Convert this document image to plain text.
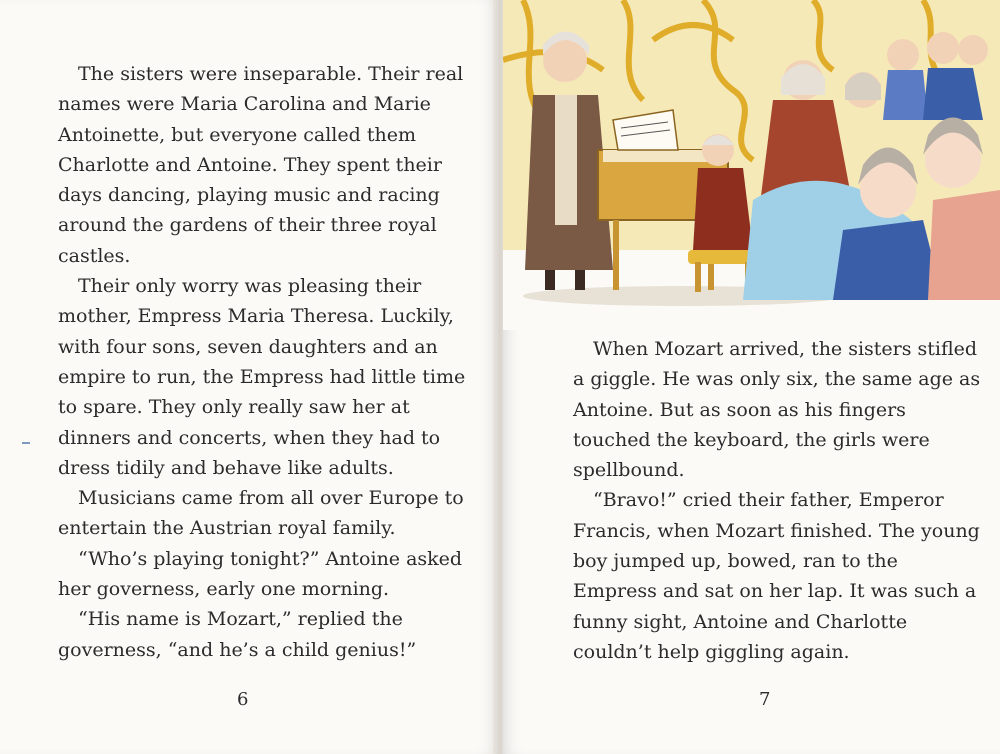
The sisters were inseparable. Their real names were Maria Carolina and Marie Antoinette, but everyone called them Charlotte and Antoine. They spent their days dancing, playing music and racing around the gardens of their three royal castles.

Their only worry was pleasing their mother, Empress Maria Theresa. Luckily, with four sons, seven daughters and an empire to run, the Empress had little time to spare. They only really saw her at dinners and concerts, when they had to dress tidily and behave like adults.

Musicians came from all over Europe to entertain the Austrian royal family.

“Who’s playing tonight?” Antoine asked her governess, early one morning.

“His name is Mozart,” replied the governess, “and he’s a child genius!”

6	7

When Mozart arrived, the sisters stifled a giggle. He was only six, the same age as Antoine. But as soon as his fingers touched the keyboard, the girls were spellbound.

“Bravo!” cried their father, Emperor Francis, when Mozart finished. The young boy jumped up, bowed, ran to the Empress and sat on her lap. It was such a funny sight, Antoine and Charlotte couldn’t help giggling again.
